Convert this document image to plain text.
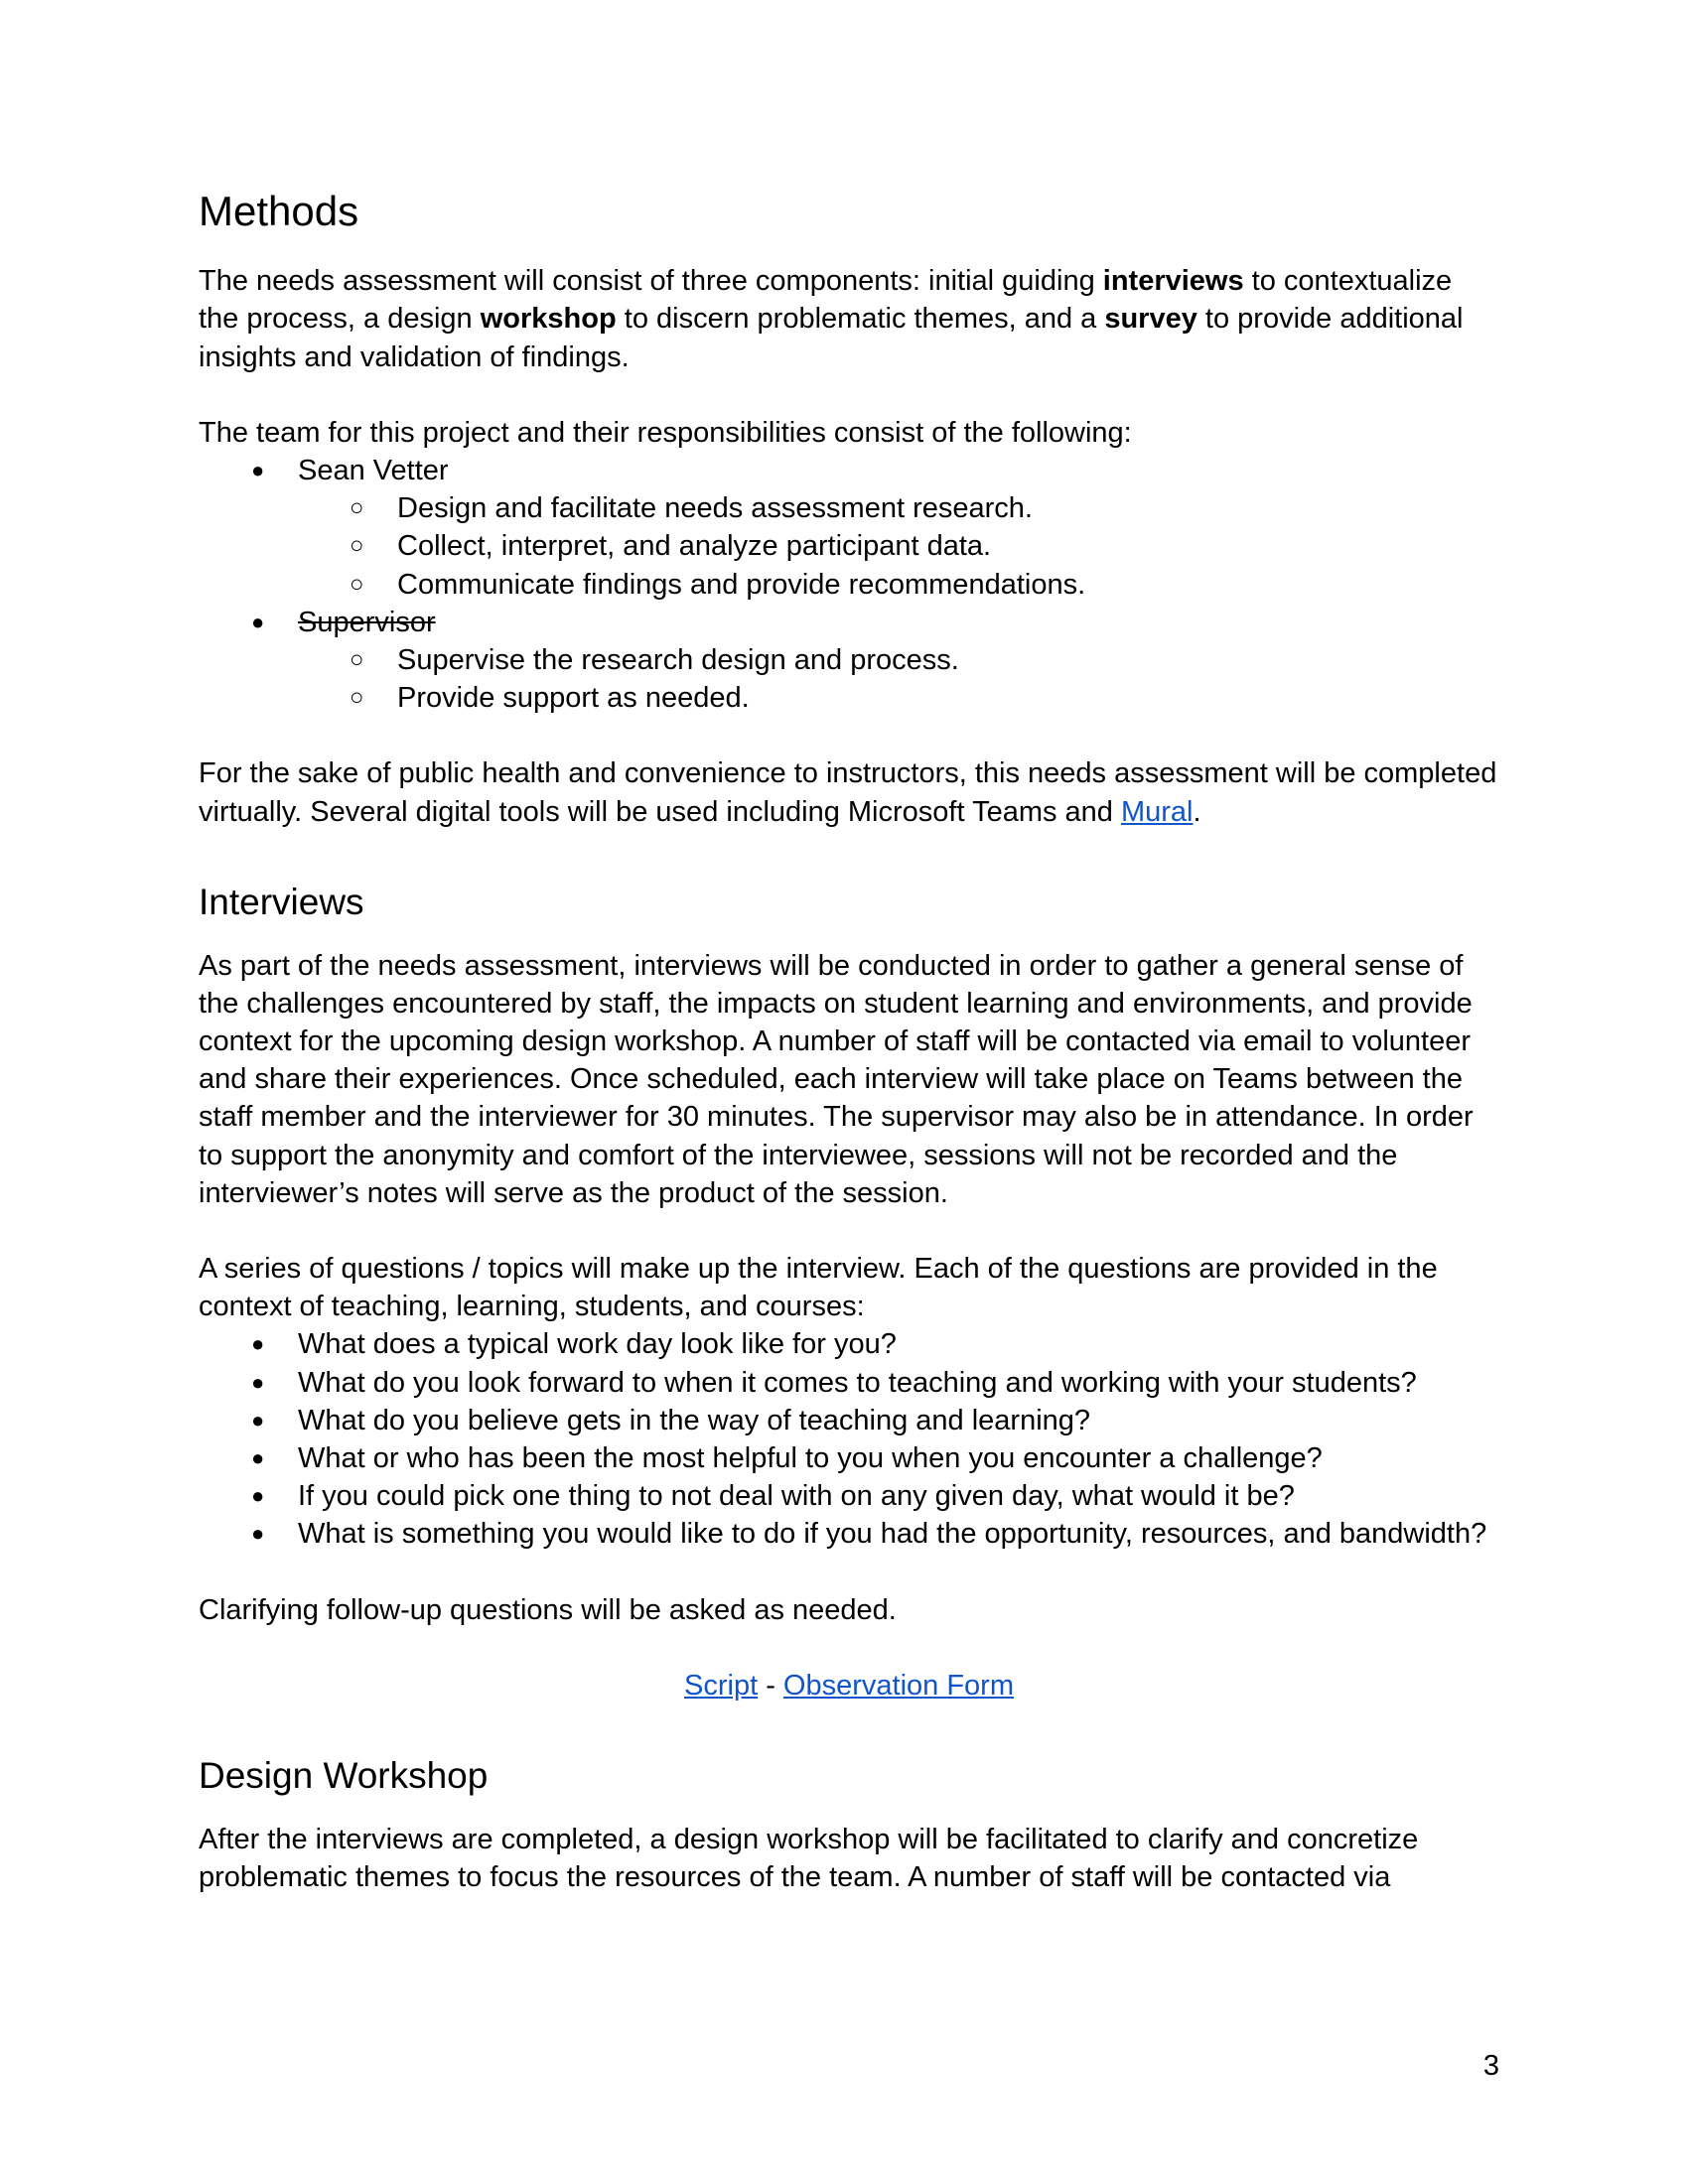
Methods

The needs assessment will consist of three components: initial guiding interviews to contextualize the process, a design workshop to discern problematic themes, and a survey to provide additional insights and validation of findings.

The team for this project and their responsibilities consist of the following:

● Sean Vetter
○ Design and facilitate needs assessment research.
○ Collect, interpret, and analyze participant data.
○ Communicate findings and provide recommendations.
● Supervisor
○ Supervise the research design and process.
○ Provide support as needed.

For the sake of public health and convenience to instructors, this needs assessment will be completed virtually. Several digital tools will be used including Microsoft Teams and Mural.

Interviews

As part of the needs assessment, interviews will be conducted in order to gather a general sense of the challenges encountered by staff, the impacts on student learning and environments, and provide context for the upcoming design workshop. A number of staff will be contacted via email to volunteer and share their experiences. Once scheduled, each interview will take place on Teams between the staff member and the interviewer for 30 minutes. The supervisor may also be in attendance. In order to support the anonymity and comfort of the interviewee, sessions will not be recorded and the interviewer’s notes will serve as the product of the session.

A series of questions / topics will make up the interview. Each of the questions are provided in the context of teaching, learning, students, and courses:

● What does a typical work day look like for you?
● What do you look forward to when it comes to teaching and working with your students?
● What do you believe gets in the way of teaching and learning?
● What or who has been the most helpful to you when you encounter a challenge?
● If you could pick one thing to not deal with on any given day, what would it be?
● What is something you would like to do if you had the opportunity, resources, and bandwidth?

Clarifying follow-up questions will be asked as needed.

Script - Observation Form

Design Workshop

After the interviews are completed, a design workshop will be facilitated to clarify and concretize problematic themes to focus the resources of the team. A number of staff will be contacted via

3
